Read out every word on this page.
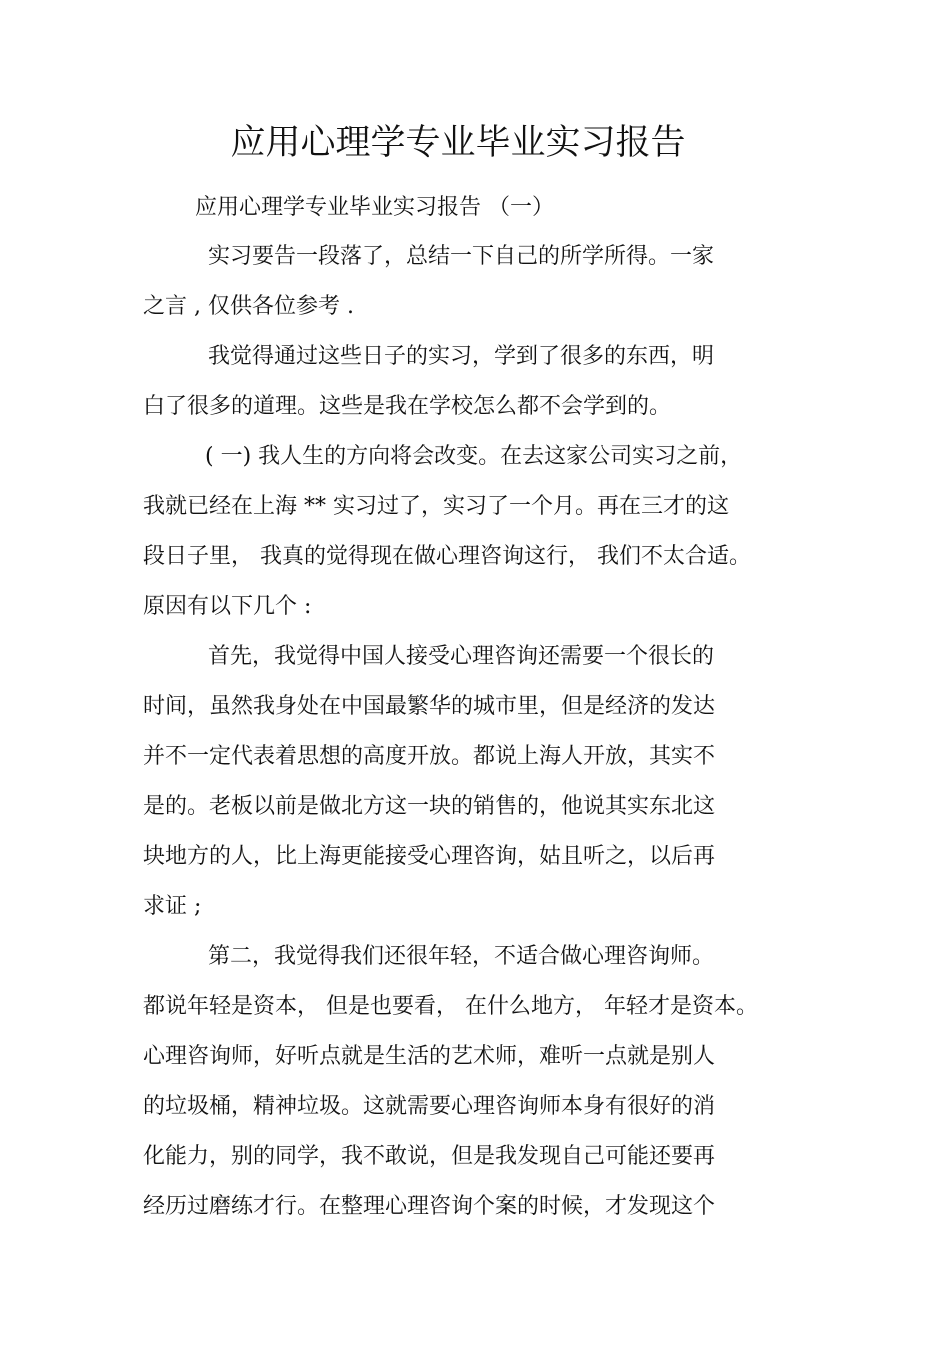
应用心理学专业毕业实习报告
应用心理学专业毕业实习报告 （一）
实习要告一段落了，总结一下自己的所学所得。一家
之言 , 仅供各位参考 .
我觉得通过这些日子的实习，学到了很多的东西，明
白了很多的道理。这些是我在学校怎么都不会学到的。
( 一) 我人生的方向将会改变。在去这家公司实习之前，
我就已经在上海 ** 实习过了，实习了一个月。再在三才的这
段日子里， 我真的觉得现在做心理咨询这行， 我们不太合适。
原因有以下几个 :
首先，我觉得中国人接受心理咨询还需要一个很长的
时间，虽然我身处在中国最繁华的城市里，但是经济的发达
并不一定代表着思想的高度开放。都说上海人开放，其实不
是的。老板以前是做北方这一块的销售的，他说其实东北这
块地方的人，比上海更能接受心理咨询，姑且听之，以后再
求证 ;
第二，我觉得我们还很年轻，不适合做心理咨询师。
都说年轻是资本， 但是也要看， 在什么地方， 年轻才是资本。
心理咨询师，好听点就是生活的艺术师，难听一点就是别人
的垃圾桶，精神垃圾。这就需要心理咨询师本身有很好的消
化能力，别的同学，我不敢说，但是我发现自己可能还要再
经历过磨练才行。在整理心理咨询个案的时候，才发现这个
